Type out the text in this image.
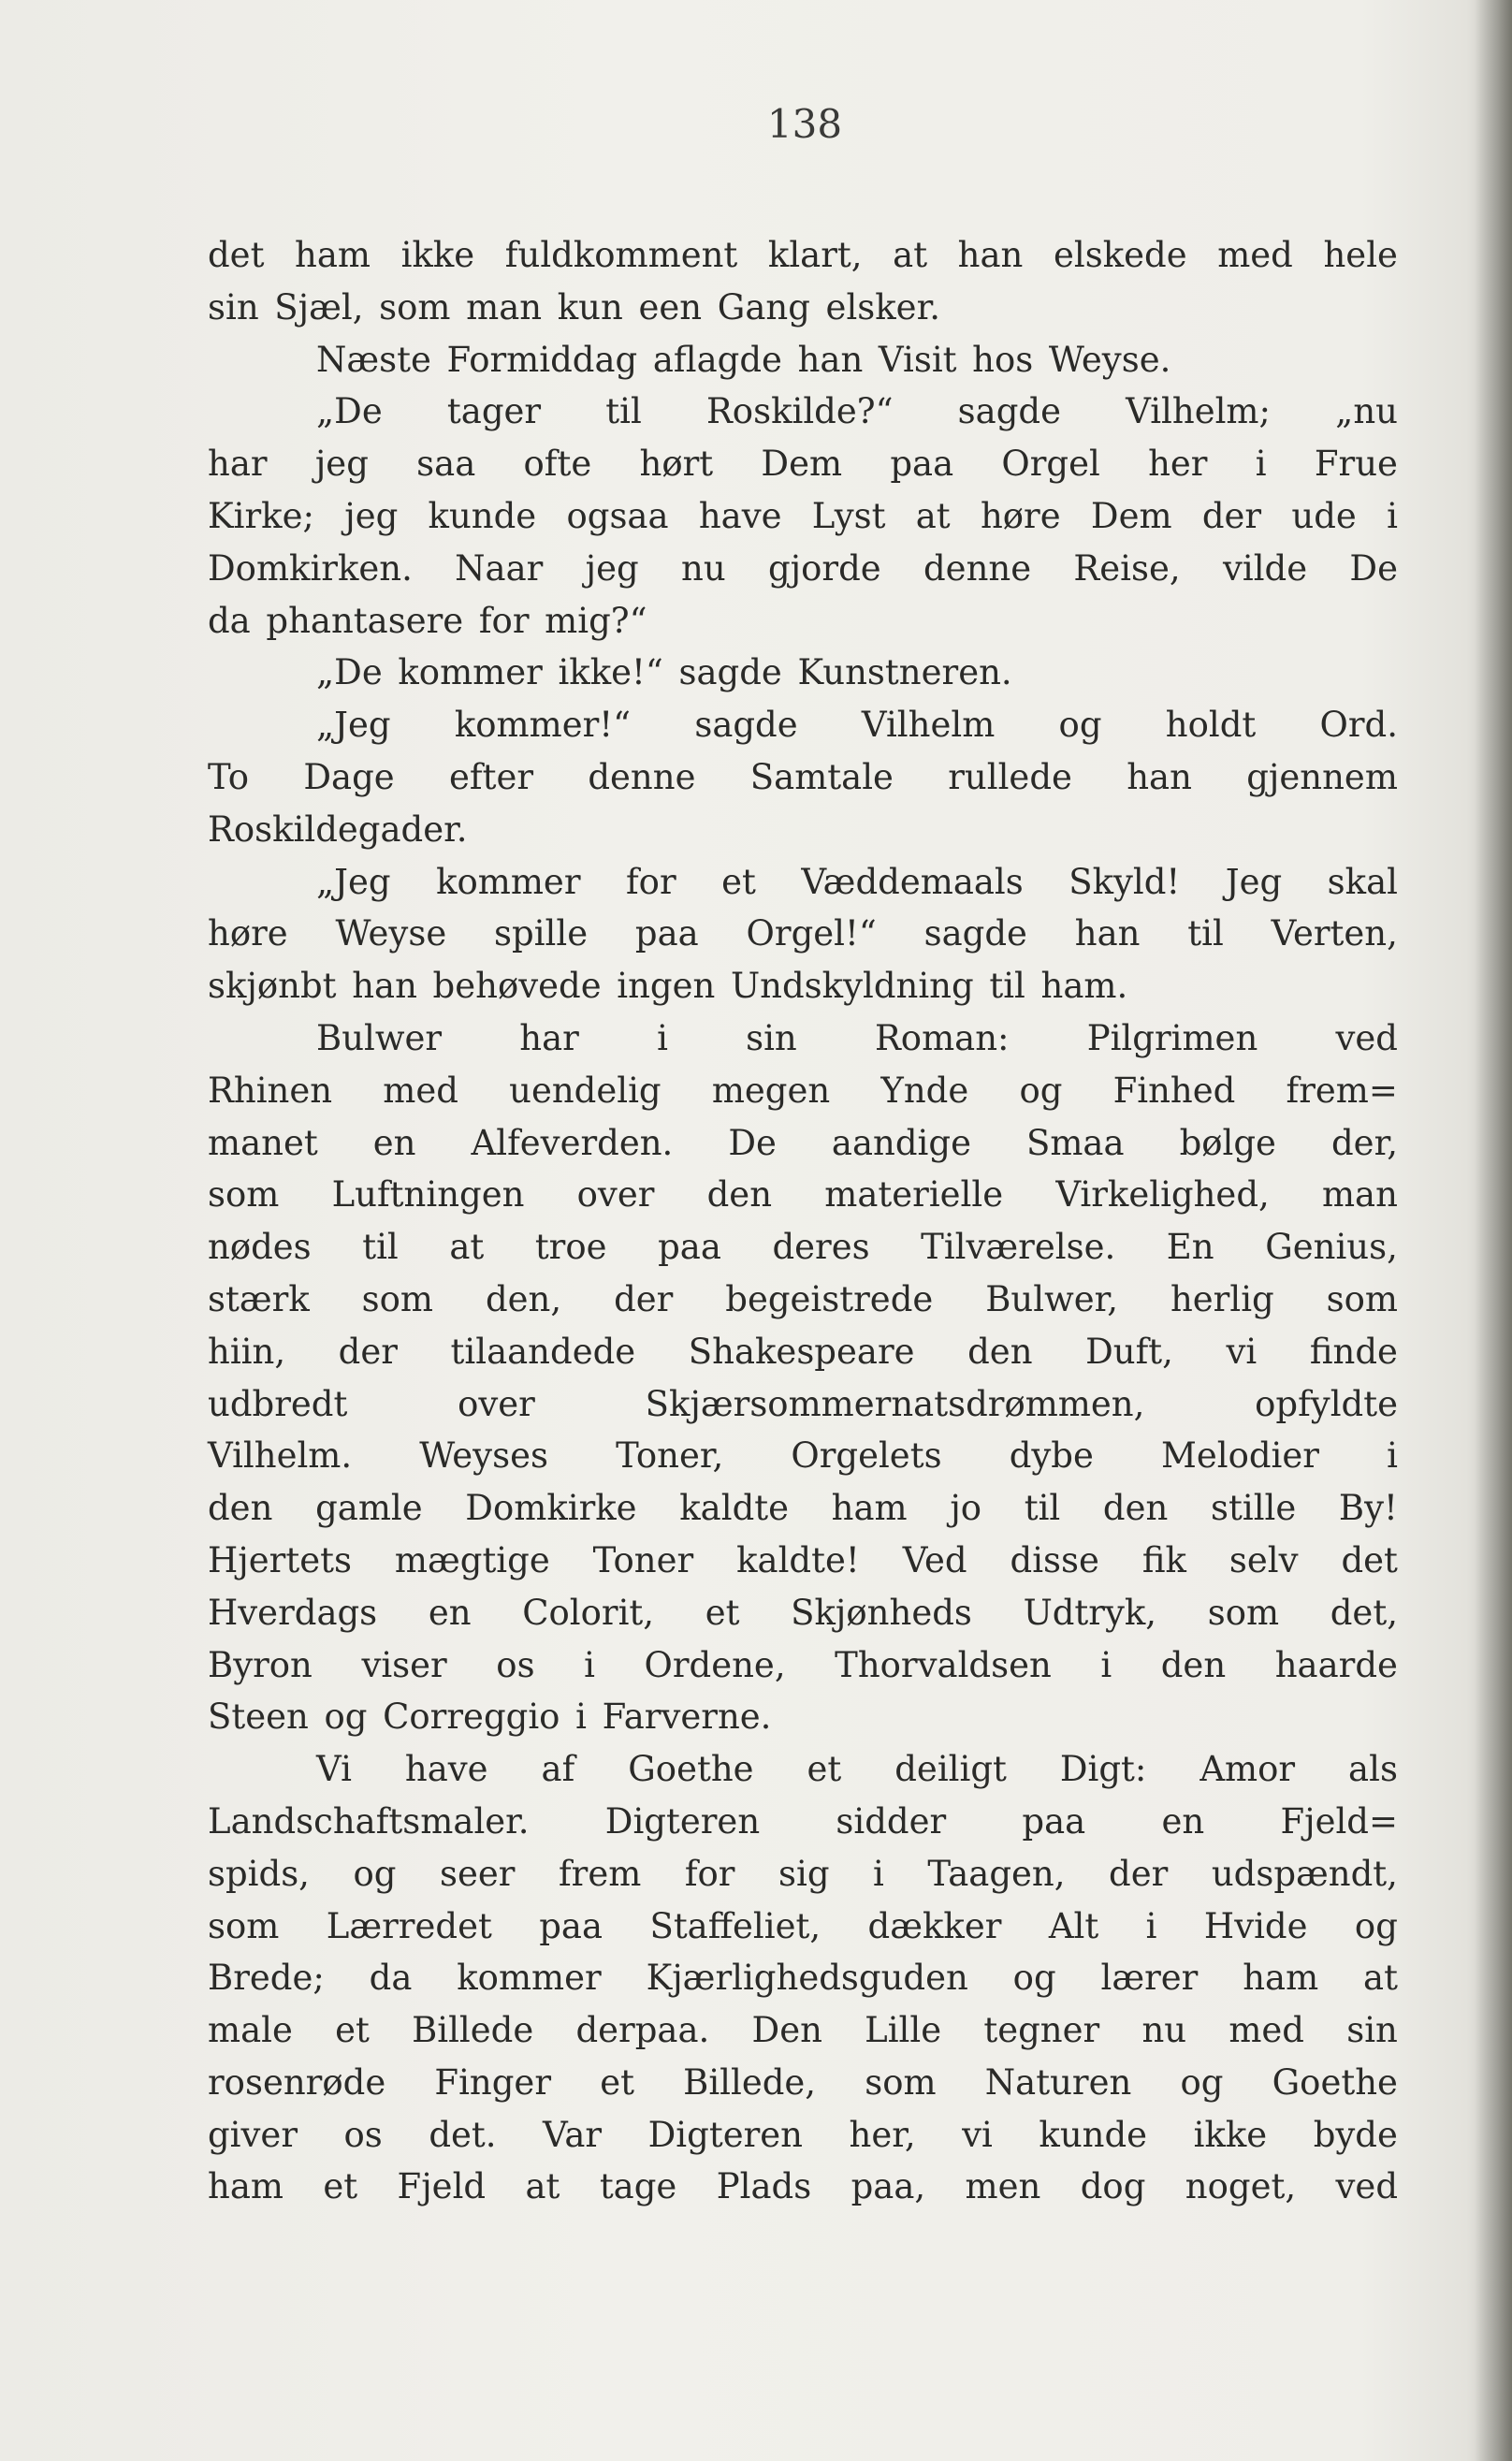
138
det ham ikke fuldkomment klart, at han elskede med hele
sin Sjæl, som man kun een Gang elsker.
Næste Formiddag aflagde han Visit hos Weyse.
„De tager til Roskilde?“ sagde Vilhelm; „nu
har jeg saa ofte hørt Dem paa Orgel her i Frue
Kirke; jeg kunde ogsaa have Lyst at høre Dem der ude i
Domkirken. Naar jeg nu gjorde denne Reise, vilde De
da phantasere for mig?“
„De kommer ikke!“ sagde Kunstneren.
„Jeg kommer!“ sagde Vilhelm og holdt Ord.
To Dage efter denne Samtale rullede han gjennem
Roskildegader.
„Jeg kommer for et Væddemaals Skyld! Jeg skal
høre Weyse spille paa Orgel!“ sagde han til Verten,
skjønbt han behøvede ingen Undskyldning til ham.
Bulwer har i sin Roman: Pilgrimen ved
Rhinen med uendelig megen Ynde og Finhed frem=
manet en Alfeverden. De aandige Smaa bølge der,
som Luftningen over den materielle Virkelighed, man
nødes til at troe paa deres Tilværelse. En Genius,
stærk som den, der begeistrede Bulwer, herlig som
hiin, der tilaandede Shakespeare den Duft, vi finde
udbredt	over	Skjærsommernatsdrømmen,	opfyldte
Vilhelm. Weyses Toner, Orgelets dybe Melodier i
den gamle Domkirke kaldte ham jo til den stille By!
Hjertets mægtige Toner kaldte! Ved disse fik selv det
Hverdags en Colorit, et Skjønheds Udtryk, som det,
Byron viser os i Ordene, Thorvaldsen i den haarde
Steen og Correggio i Farverne.
Vi have af Goethe et deiligt Digt: Amor als
Landschaftsmaler. Digteren sidder paa en Fjeld=
spids, og seer frem for sig i Taagen, der udspændt,
som Lærredet paa Staffeliet, dækker Alt i Hvide og
Brede; da kommer Kjærlighedsguden og lærer ham at
male et Billede derpaa. Den Lille tegner nu med sin
rosenrøde Finger et Billede, som Naturen og Goethe
giver os det. Var Digteren her, vi kunde ikke byde
ham et Fjeld at tage Plads paa, men dog noget, ved
